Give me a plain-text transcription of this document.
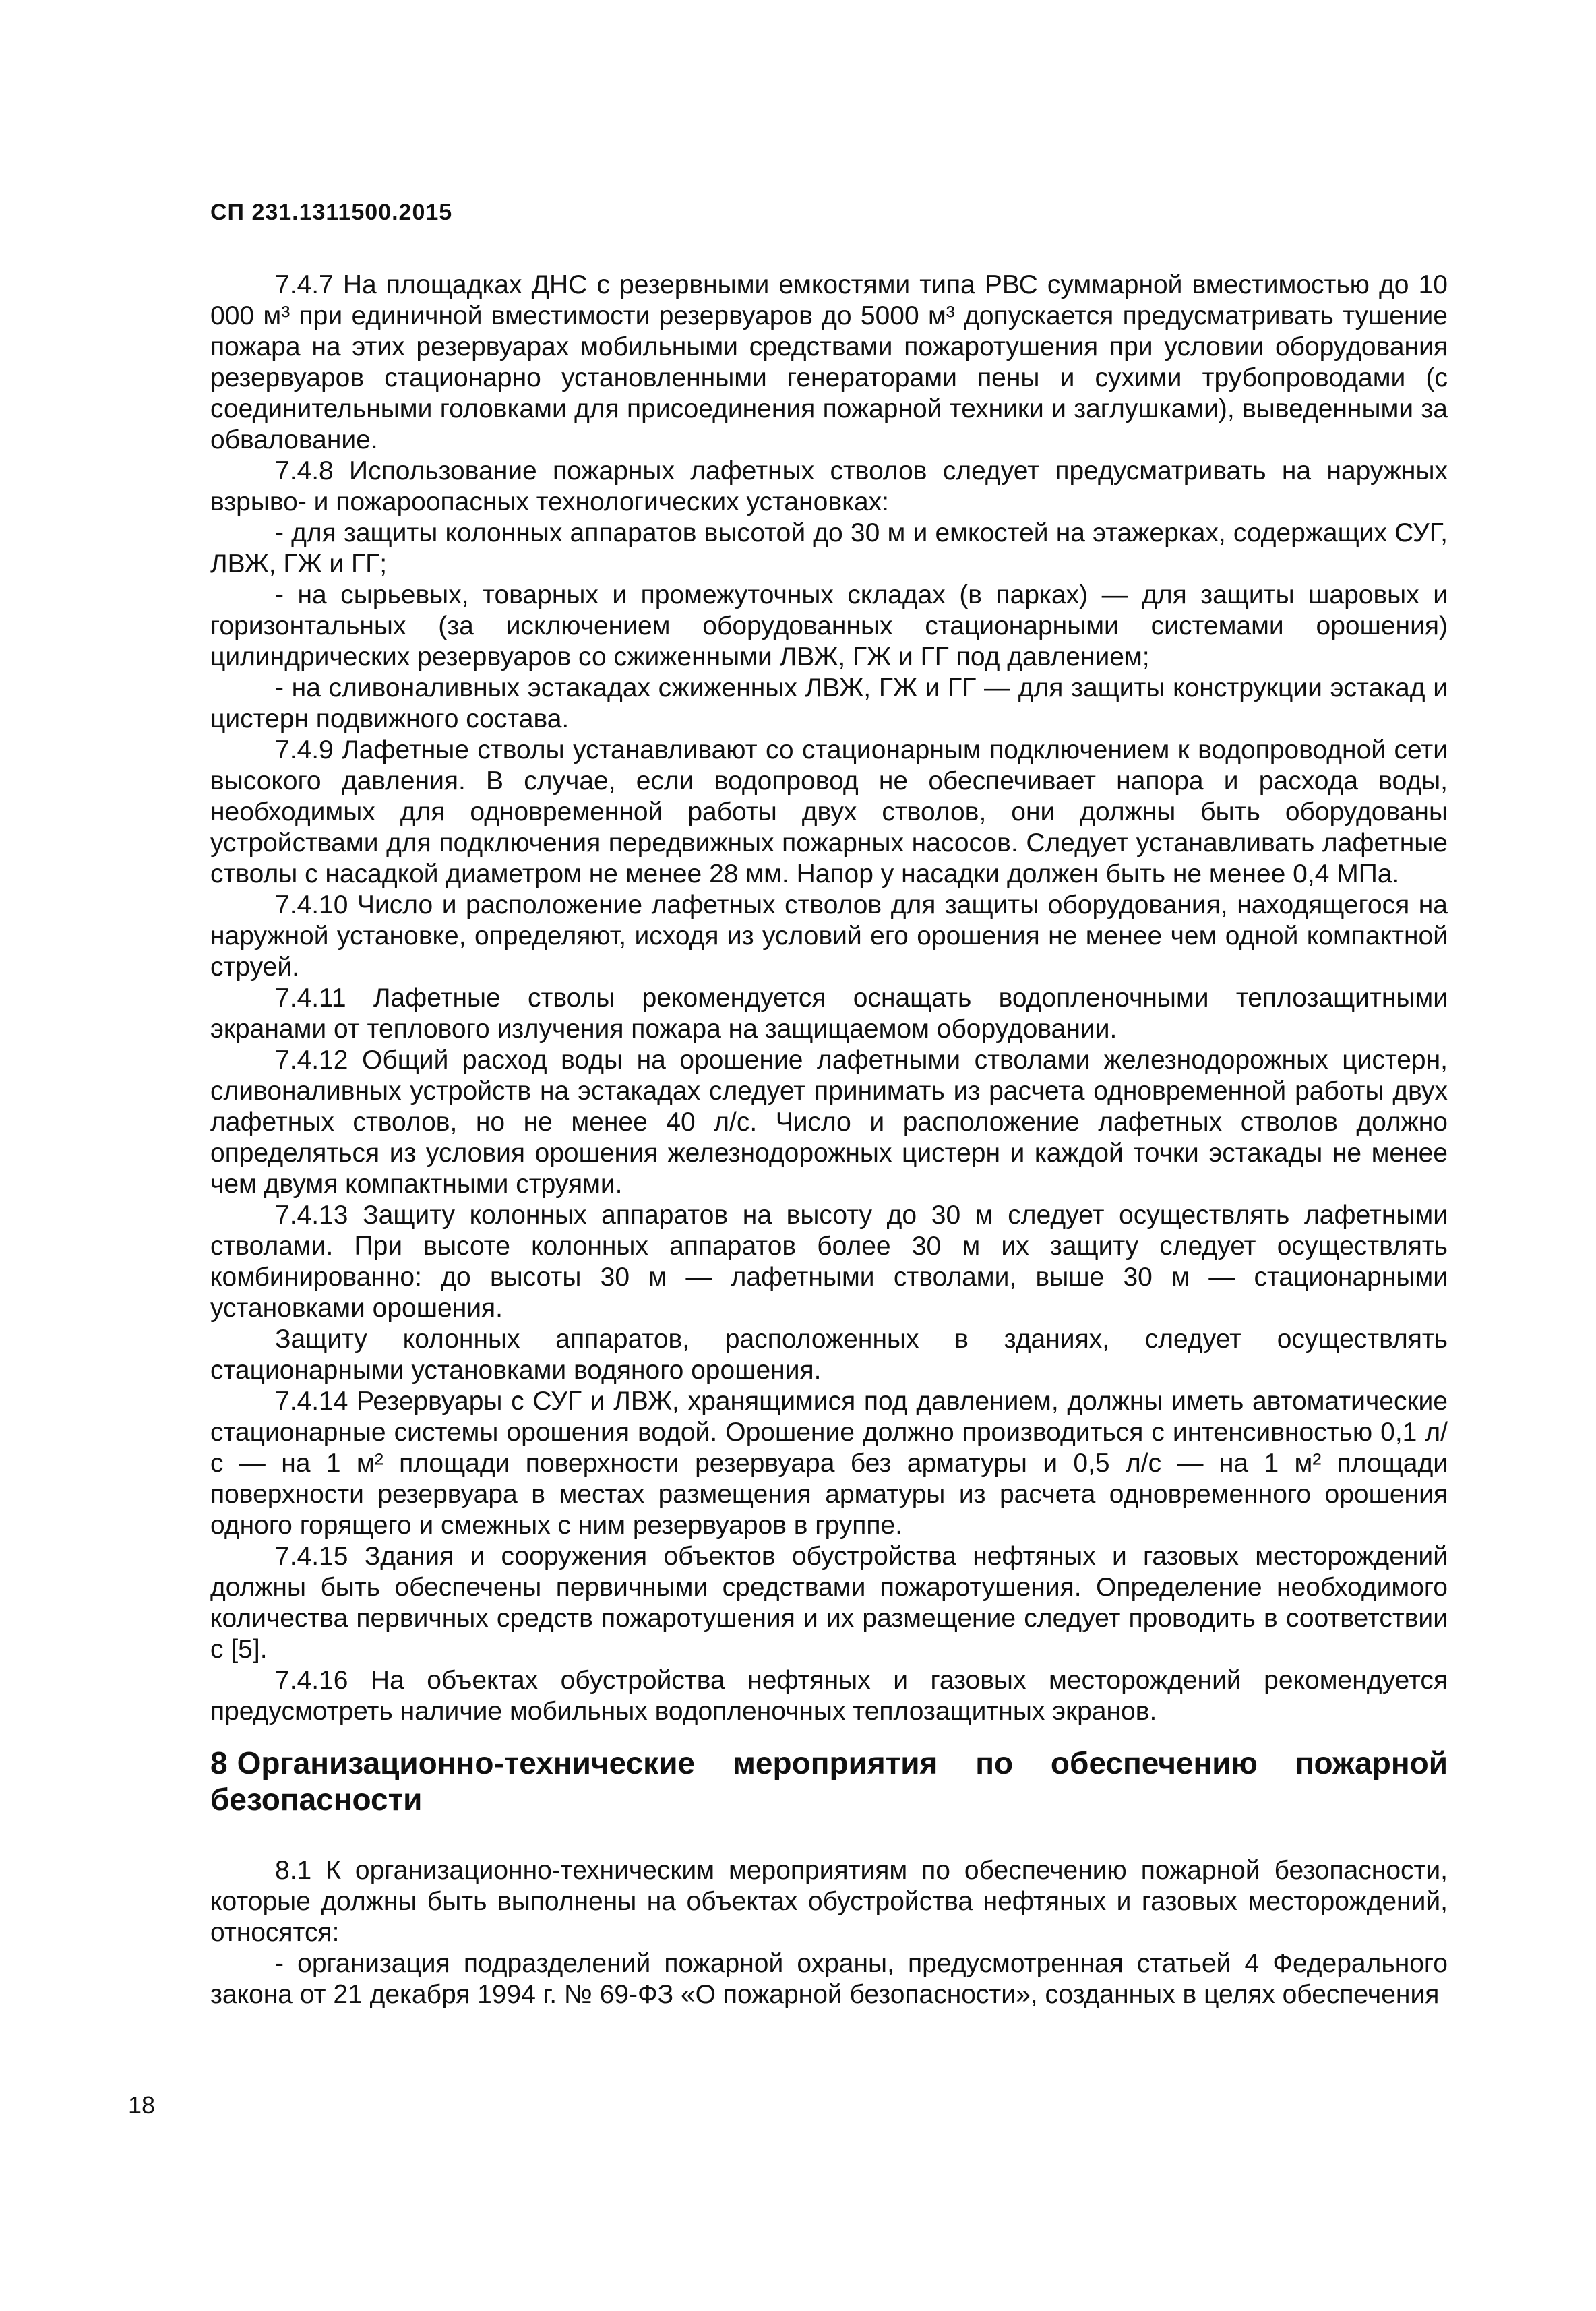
СП 231.1311500.2015

7.4.7 На площадках ДНС с резервными емкостями типа РВС суммарной вместимостью до 10 000 м³ при единичной вместимости резервуаров до 5000 м³ допускается предусматривать тушение пожара на этих резервуарах мобильными средствами пожаротушения при условии оборудования резервуаров стационарно установленными генераторами пены и сухими трубопроводами (с соединительными головками для присоединения пожарной техники и заглушками), выведенными за обвалование.

7.4.8 Использование пожарных лафетных стволов следует предусматривать на наружных взрыво- и пожароопасных технологических установках:

- для защиты колонных аппаратов высотой до 30 м и емкостей на этажерках, содержащих СУГ, ЛВЖ, ГЖ и ГГ;

- на сырьевых, товарных и промежуточных складах (в парках) — для защиты шаровых и горизонтальных (за исключением оборудованных стационарными системами орошения) цилиндрических резервуаров со сжиженными ЛВЖ, ГЖ и ГГ под давлением;

- на сливоналивных эстакадах сжиженных ЛВЖ, ГЖ и ГГ — для защиты конструкции эстакад и цистерн подвижного состава.

7.4.9 Лафетные стволы устанавливают со стационарным подключением к водопроводной сети высокого давления. В случае, если водопровод не обеспечивает напора и расхода воды, необходимых для одновременной работы двух стволов, они должны быть оборудованы устройствами для подключения передвижных пожарных насосов. Следует устанавливать лафетные стволы с насадкой диаметром не менее 28 мм. Напор у насадки должен быть не менее 0,4 МПа.

7.4.10 Число и расположение лафетных стволов для защиты оборудования, находящегося на наружной установке, определяют, исходя из условий его орошения не менее чем одной компактной струей.

7.4.11 Лафетные стволы рекомендуется оснащать водопленочными теплозащитными экранами от теплового излучения пожара на защищаемом оборудовании.

7.4.12 Общий расход воды на орошение лафетными стволами железнодорожных цистерн, сливоналивных устройств на эстакадах следует принимать из расчета одновременной работы двух лафетных стволов, но не менее 40 л/с. Число и расположение лафетных стволов должно определяться из условия орошения железнодорожных цистерн и каждой точки эстакады не менее чем двумя компактными струями.

7.4.13 Защиту колонных аппаратов на высоту до 30 м следует осуществлять лафетными стволами. При высоте колонных аппаратов более 30 м их защиту следует осуществлять комбинированно: до высоты 30 м — лафетными стволами, выше 30 м — стационарными установками орошения.

Защиту колонных аппаратов, расположенных в зданиях, следует осуществлять стационарными установками водяного орошения.

7.4.14 Резервуары с СУГ и ЛВЖ, хранящимися под давлением, должны иметь автоматические стационарные системы орошения водой. Орошение должно производиться с интенсивностью 0,1 л/с — на 1 м² площади поверхности резервуара без арматуры и 0,5 л/с — на 1 м² площади поверхности резервуара в местах размещения арматуры из расчета одновременного орошения одного горящего и смежных с ним резервуаров в группе.

7.4.15 Здания и сооружения объектов обустройства нефтяных и газовых месторождений должны быть обеспечены первичными средствами пожаротушения. Определение необходимого количества первичных средств пожаротушения и их размещение следует проводить в соответствии с [5].

7.4.16 На объектах обустройства нефтяных и газовых месторождений рекомендуется предусмотреть наличие мобильных водопленочных теплозащитных экранов.

8 Организационно-технические мероприятия по обеспечению пожарной безопасности

8.1 К организационно-техническим мероприятиям по обеспечению пожарной безопасности, которые должны быть выполнены на объектах обустройства нефтяных и газовых месторождений, относятся:

- организация подразделений пожарной охраны, предусмотренная статьей 4 Федерального закона от 21 декабря 1994 г. № 69-ФЗ «О пожарной безопасности», созданных в целях обеспечения

18
